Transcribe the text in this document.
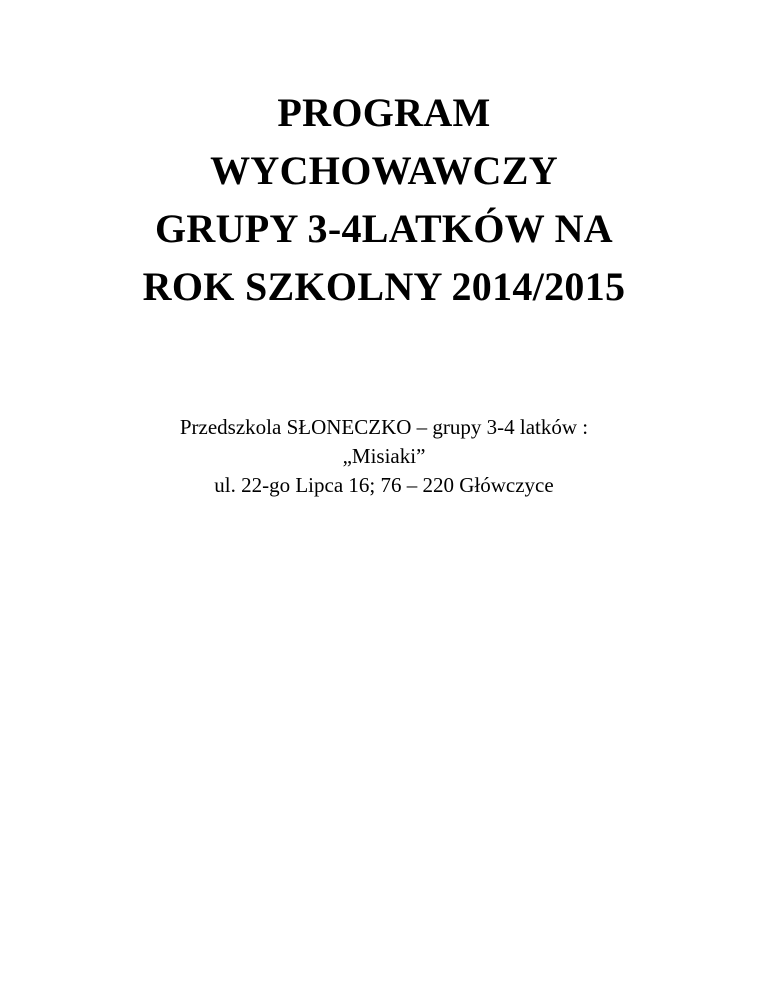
PROGRAM
WYCHOWAWCZY
GRUPY 3-4LATKÓW NA
ROK SZKOLNY 2014/2015
Przedszkola SŁONECZKO – grupy 3-4 latków :
„Misiaki”
ul. 22-go Lipca 16; 76 – 220 Główczyce
